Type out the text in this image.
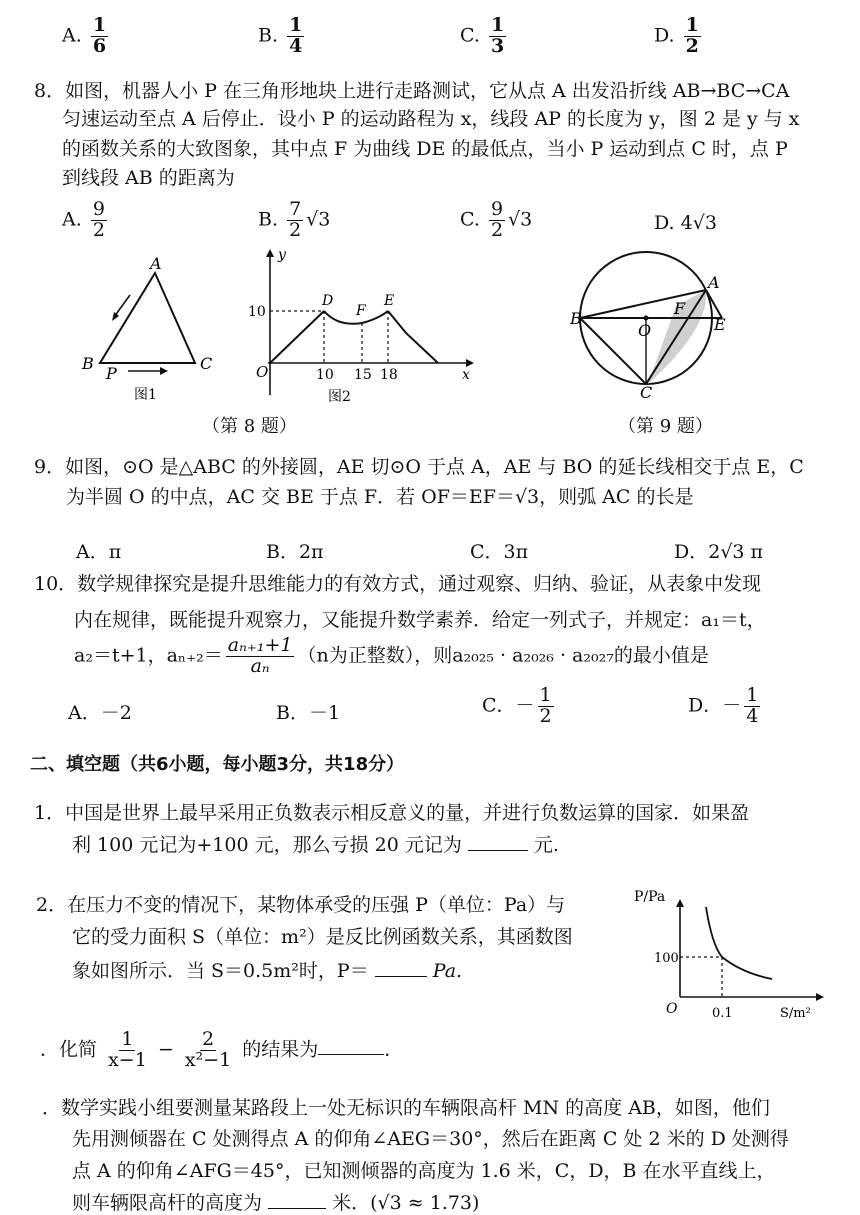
A. $\frac{1}{6}$	B. $\frac{1}{4}$	C. $\frac{1}{3}$	D. $\frac{1}{2}$
8．如图，机器人小 P 在三角形地块上进行走路测试，它从点 A 出发沿折线 AB→BC→CA
匀速运动至点 A 后停止．设小 P 的运动路程为 x，线段 AP 的长度为 y，图 2 是 y 与 x
的函数关系的大致图象，其中点 F 为曲线 DE 的最低点，当小 P 运动到点 C 时，点 P
到线段 AB 的距离为
A. $\frac{9}{2}$	B. $\frac{7}{2} √3$	C. $\frac{9}{2} √3$	D. 4√3
A
B	C
P
图1
y
x
O
10
D
F
E
10 15 18
图2
（第 8 题）
A
B
O
F
E
C
（第 9 题）
9．如图，⊙O 是△ABC 的外接圆，AE 切⊙O 于点 A，AE 与 BO 的延长线相交于点 E，C
为半圆 O 的中点，AC 交 BE 于点 F．若 OF＝EF＝√3，则弧 AC 的长是
A．π	B．2π	C．3π	D．2√3 π
10．数学规律探究是提升思维能力的有效方式，通过观察、归纳、验证，从表象中发现
内在规律，既能提升观察力，又能提升数学素养．给定一列式子，并规定：a₁＝t，
a₂＝t+1，$a_{n+2}= \frac{\text{aₙ₊₁+1}}{\text{aₙ}} (n$为正整数），则a₂₀₂₅ · a₂₀₂₆ · a₂₀₂₇的最小值是
A．－2	B．－1	C．－ $\frac{1}{2}$	D．－ $\frac{1}{4}$
二、填空题（共6小题，每小题3分，共18分）
1．中国是世界上最早采用正负数表示相反意义的量，并进行负数运算的国家．如果盈
利 100 元记为+100 元，那么亏损 20 元记为	元.
2．在压力不变的情况下，某物体承受的压强 P（单位：Pa）与
它的受力面积 S（单位：m²）是反比例函数关系，其函数图
象如图所示．当 S＝0.5m²时，P＝	Pa.
P/Pa
S/m²
O
100
0.1
．化简 $\frac{1}{x-1} - \frac{2}{\text{x²−1}}$ 的结果为	．
．数学实践小组要测量某路段上一处无标识的车辆限高杆 MN 的高度 AB，如图，他们
先用测倾器在 C 处测得点 A 的仰角∠AEG＝30°，然后在距离 C 处 2 米的 D 处测得
点 A 的仰角∠AFG＝45°，已知测倾器的高度为 1.6 米，C，D，B 在水平直线上，
则车辆限高杆的高度为	米．(√3 ≈ 1.73)
